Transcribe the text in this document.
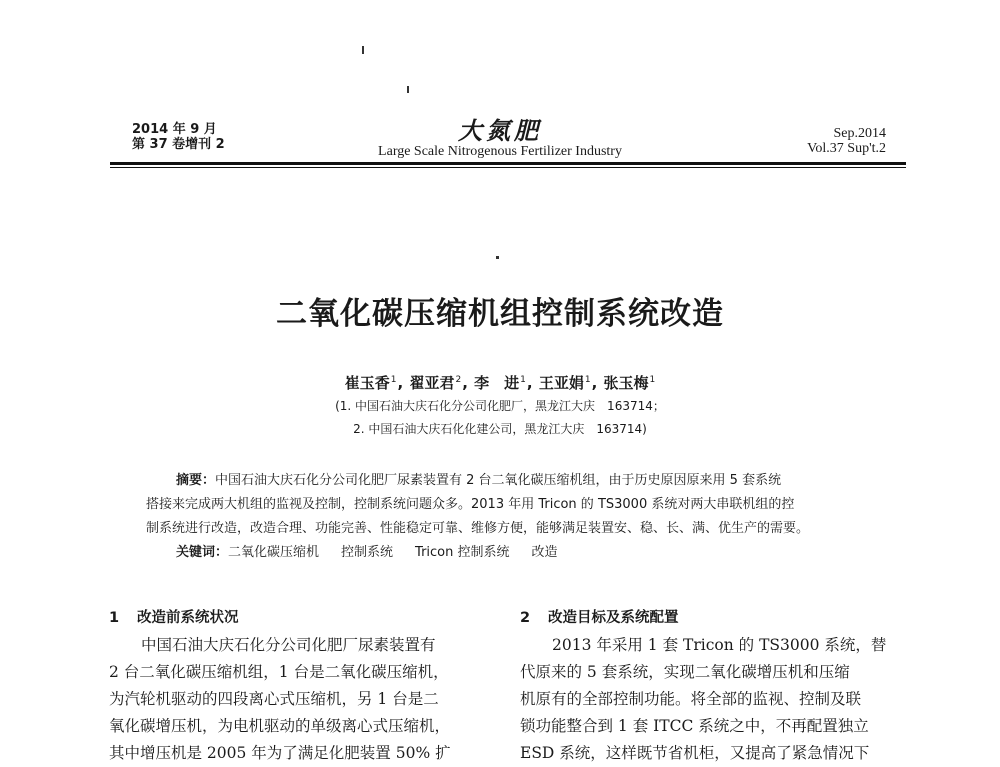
2014 年 9 月
第 37 卷增刊 2	大氮肥
Large Scale Nitrogenous Fertilizer Industry
Sep.2014
Vol.37 Sup't.2
二氧化碳压缩机组控制系统改造
崔玉香$^1$, 翟亚君$^2$, 李　进$^1$, 王亚娟$^1$, 张玉梅$^1$
(1. 中国石油大庆石化分公司化肥厂，黑龙江大庆　163714；
2. 中国石油大庆石化化建公司，黑龙江大庆　163714)
摘要：中国石油大庆石化分公司化肥厂尿素装置有 2 台二氧化碳压缩机组，由于历史原因原来用 5 套系统
搭接来完成两大机组的监视及控制，控制系统问题众多。2013 年用 Tricon 的 TS3000 系统对两大串联机组的控
制系统进行改造，改造合理、功能完善、性能稳定可靠、维修方便，能够满足装置安、稳、长、满、优生产的需要。
关键词：二氧化碳压缩机 控制系统 Tricon 控制系统 改造
1 改造前系统状况
中国石油大庆石化分公司化肥厂尿素装置有
2 台二氧化碳压缩机组，1 台是二氧化碳压缩机，
为汽轮机驱动的四段离心式压缩机，另 1 台是二
氧化碳增压机，为电机驱动的单级离心式压缩机，
其中增压机是 2005 年为了满足化肥装置 50% 扩
2 改造目标及系统配置
2013 年采用 1 套 Tricon 的 TS3000 系统，替
代原来的 5 套系统，实现二氧化碳增压机和压缩
机原有的全部控制功能。将全部的监视、控制及联
锁功能整合到 1 套 ITCC 系统之中，不再配置独立
ESD 系统，这样既节省机柜，又提高了紧急情况下
